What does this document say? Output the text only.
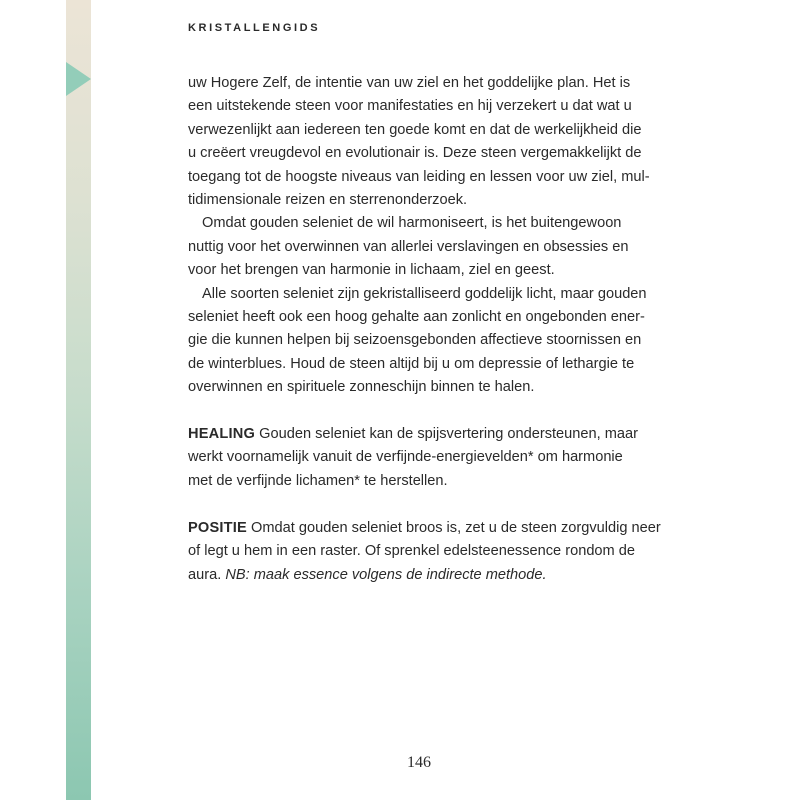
KRISTALLENGIDS
uw Hogere Zelf, de intentie van uw ziel en het goddelijke plan. Het is
een uitstekende steen voor manifestaties en hij verzekert u dat wat u
verwezenlijkt aan iedereen ten goede komt en dat de werkelijkheid die
u creëert vreugdevol en evolutionair is. Deze steen vergemakkelijkt de
toegang tot de hoogste niveaus van leiding en lessen voor uw ziel, mul-
tidimensionale reizen en sterrenonderzoek.
Omdat gouden seleniet de wil harmoniseert, is het buitengewoon
nuttig voor het overwinnen van allerlei verslavingen en obsessies en
voor het brengen van harmonie in lichaam, ziel en geest.
Alle soorten seleniet zijn gekristalliseerd goddelijk licht, maar gouden
seleniet heeft ook een hoog gehalte aan zonlicht en ongebonden ener-
gie die kunnen helpen bij seizoensgebonden affectieve stoornissen en
de winterblues. Houd de steen altijd bij u om depressie of lethargie te
overwinnen en spirituele zonneschijn binnen te halen.
HEALING Gouden seleniet kan de spijsvertering ondersteunen, maar
werkt voornamelijk vanuit de verfijnde-energievelden* om harmonie
met de verfijnde lichamen* te herstellen.
POSITIE Omdat gouden seleniet broos is, zet u de steen zorgvuldig neer
of legt u hem in een raster. Of sprenkel edelsteenessence rondom de
aura. NB: maak essence volgens de indirecte methode.
146
